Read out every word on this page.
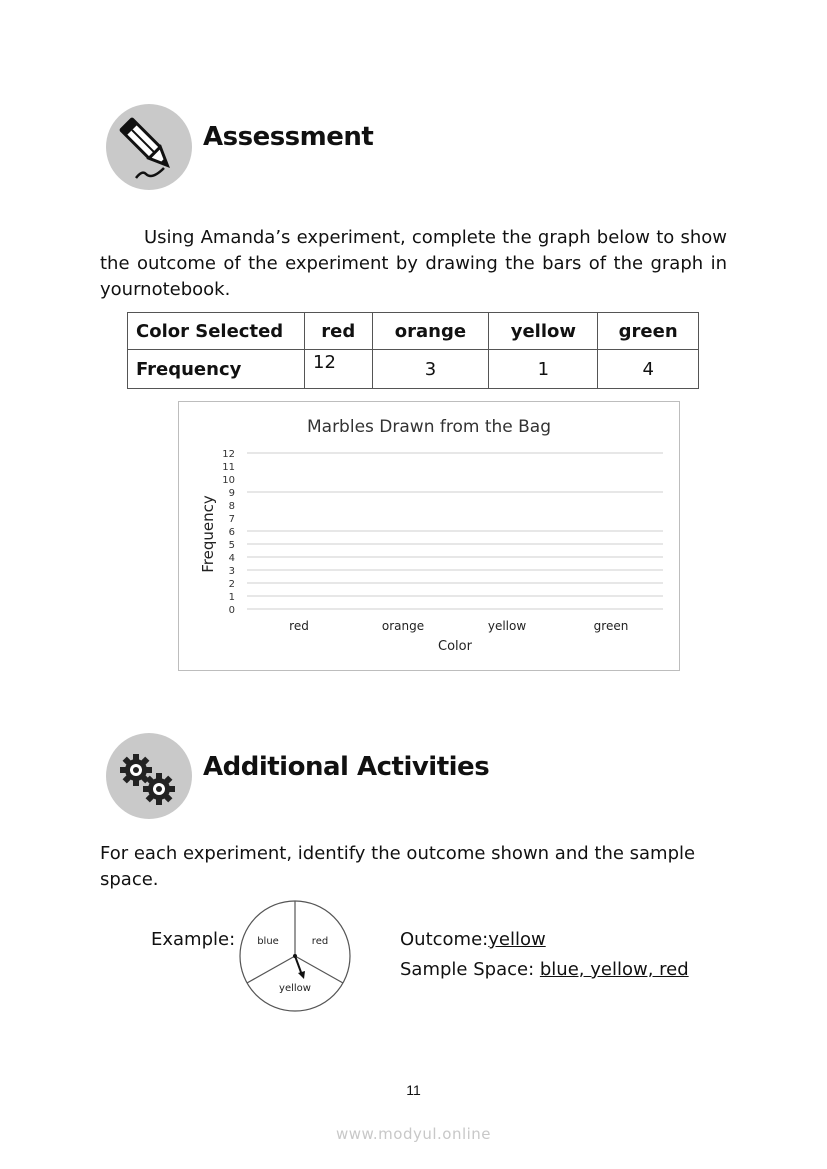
Assessment
Using Amanda’s experiment, complete the graph below to show the outcome of the experiment by drawing the bars of the graph in yournotebook.
Color Selected	red	orange	yellow	green
Frequency	12	3	1	4
Marbles Drawn from the Bag
0
1
2
3
4
5
6
7
8
9
10
11
12
red	orange	yellow	green
Frequency
Color
Additional Activities
For each experiment, identify the outcome shown and the sample space.
Example: blue	red
yellow
Outcome:yellow
Sample Space: blue, yellow, red
11
www.modyul.online
